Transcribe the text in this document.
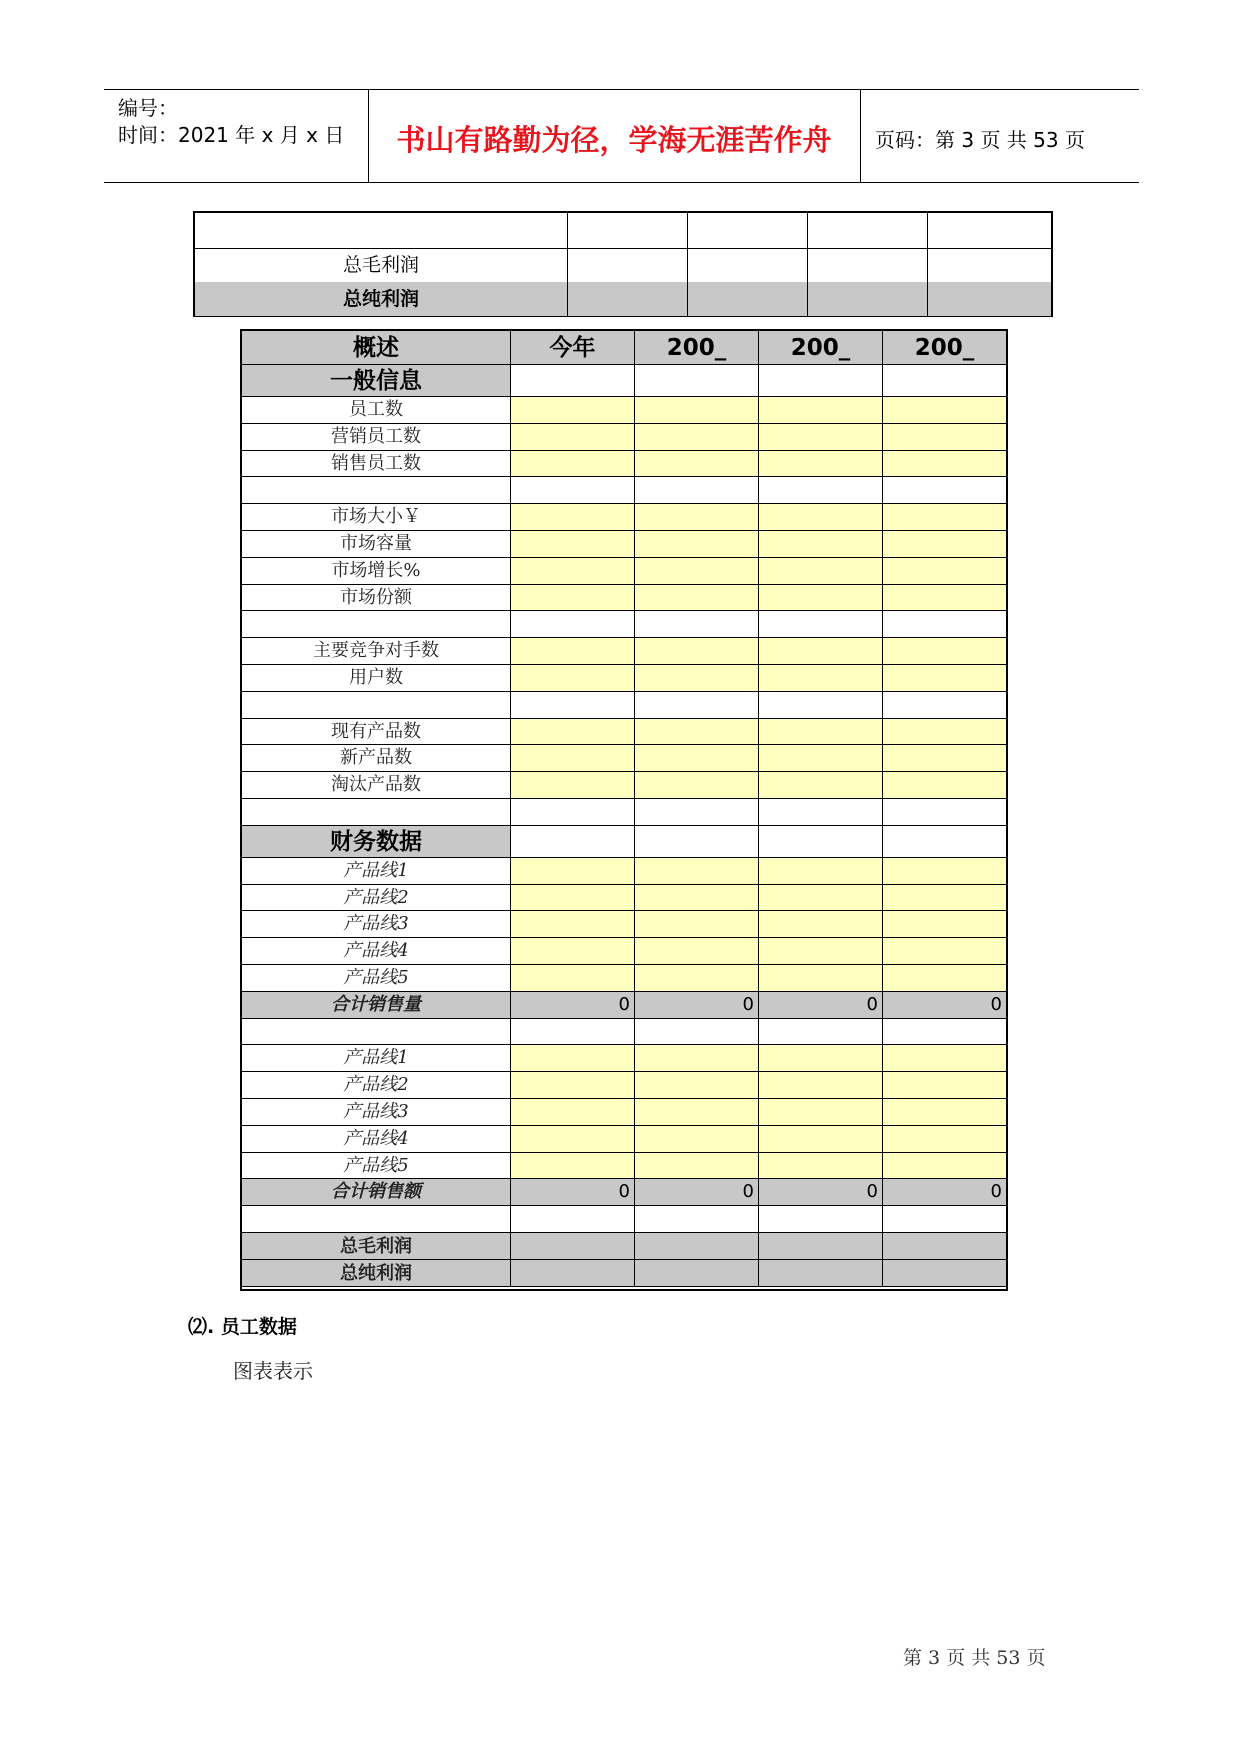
编号：
时间：2021 年 x 月 x 日	书山有路勤为径，学海无涯苦作舟	页码：第 3 页 共 53 页
总毛利润
总纯利润
概述	今年	200_	200_	200_
一般信息
员工数
营销员工数
销售员工数
市场大小￥
市场容量
市场增长%
市场份额
主要竞争对手数
用户数
现有产品数
新产品数
淘汰产品数
财务数据
产品线1
产品线2
产品线3
产品线4
产品线5
合计销售量	0	0	0	0
产品线1
产品线2
产品线3
产品线4
产品线5
合计销售额	0	0	0	0
总毛利润
总纯利润
⑵. 员工数据
图表表示
第 3 页 共 53 页
